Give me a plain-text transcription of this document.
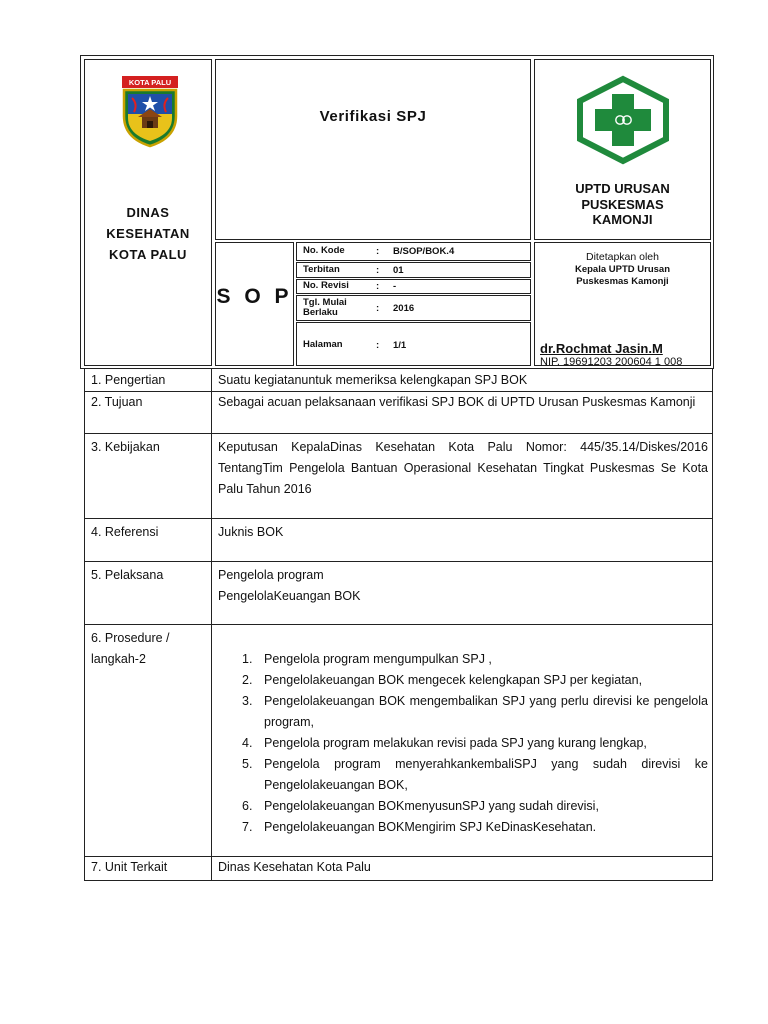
KOTA PALU
DINAS
KESEHATAN
KOTA PALU
Verifikasi SPJ
UPTD URUSAN
PUSKESMAS
KAMONJI
S O P
No. Kode	: B/SOP/BOK.4
Terbitan	: 01
No. Revisi	: -
Tgl. Mulai Berlaku	: 2016
Halaman	: 1/1
Ditetapkan oleh
Kepala UPTD Urusan
Puskesmas Kamonji
dr.Rochmat Jasin.M
NIP. 19691203 200604 1 008
1. Pengertian	Suatu kegiatanuntuk memeriksa kelengkapan SPJ BOK
2. Tujuan	Sebagai acuan pelaksanaan verifikasi SPJ BOK di UPTD Urusan Puskesmas Kamonji
3. Kebijakan	Keputusan KepalaDinas Kesehatan Kota Palu Nomor: 445/35.14/Diskes/2016 TentangTim Pengelola Bantuan Operasional Kesehatan Tingkat Puskesmas Se Kota Palu Tahun 2016
4. Referensi	Juknis BOK
5. Pelaksana	Pengelola program
PengelolaKeuangan BOK
6. Prosedure / langkah-2	1. Pengelola program mengumpulkan SPJ ,
2. Pengelolakeuangan BOK mengecek kelengkapan SPJ per kegiatan,
3. Pengelolakeuangan BOK mengembalikan SPJ yang perlu direvisi ke pengelola program,
4. Pengelola program melakukan revisi pada SPJ yang kurang lengkap,
5. Pengelola program menyerahkankembaliSPJ yang sudah direvisi ke Pengelolakeuangan BOK,
6. Pengelolakeuangan BOKmenyusunSPJ yang sudah direvisi,
7. Pengelolakeuangan BOKMengirim SPJ KeDinasKesehatan.
7. Unit Terkait	Dinas Kesehatan Kota Palu
